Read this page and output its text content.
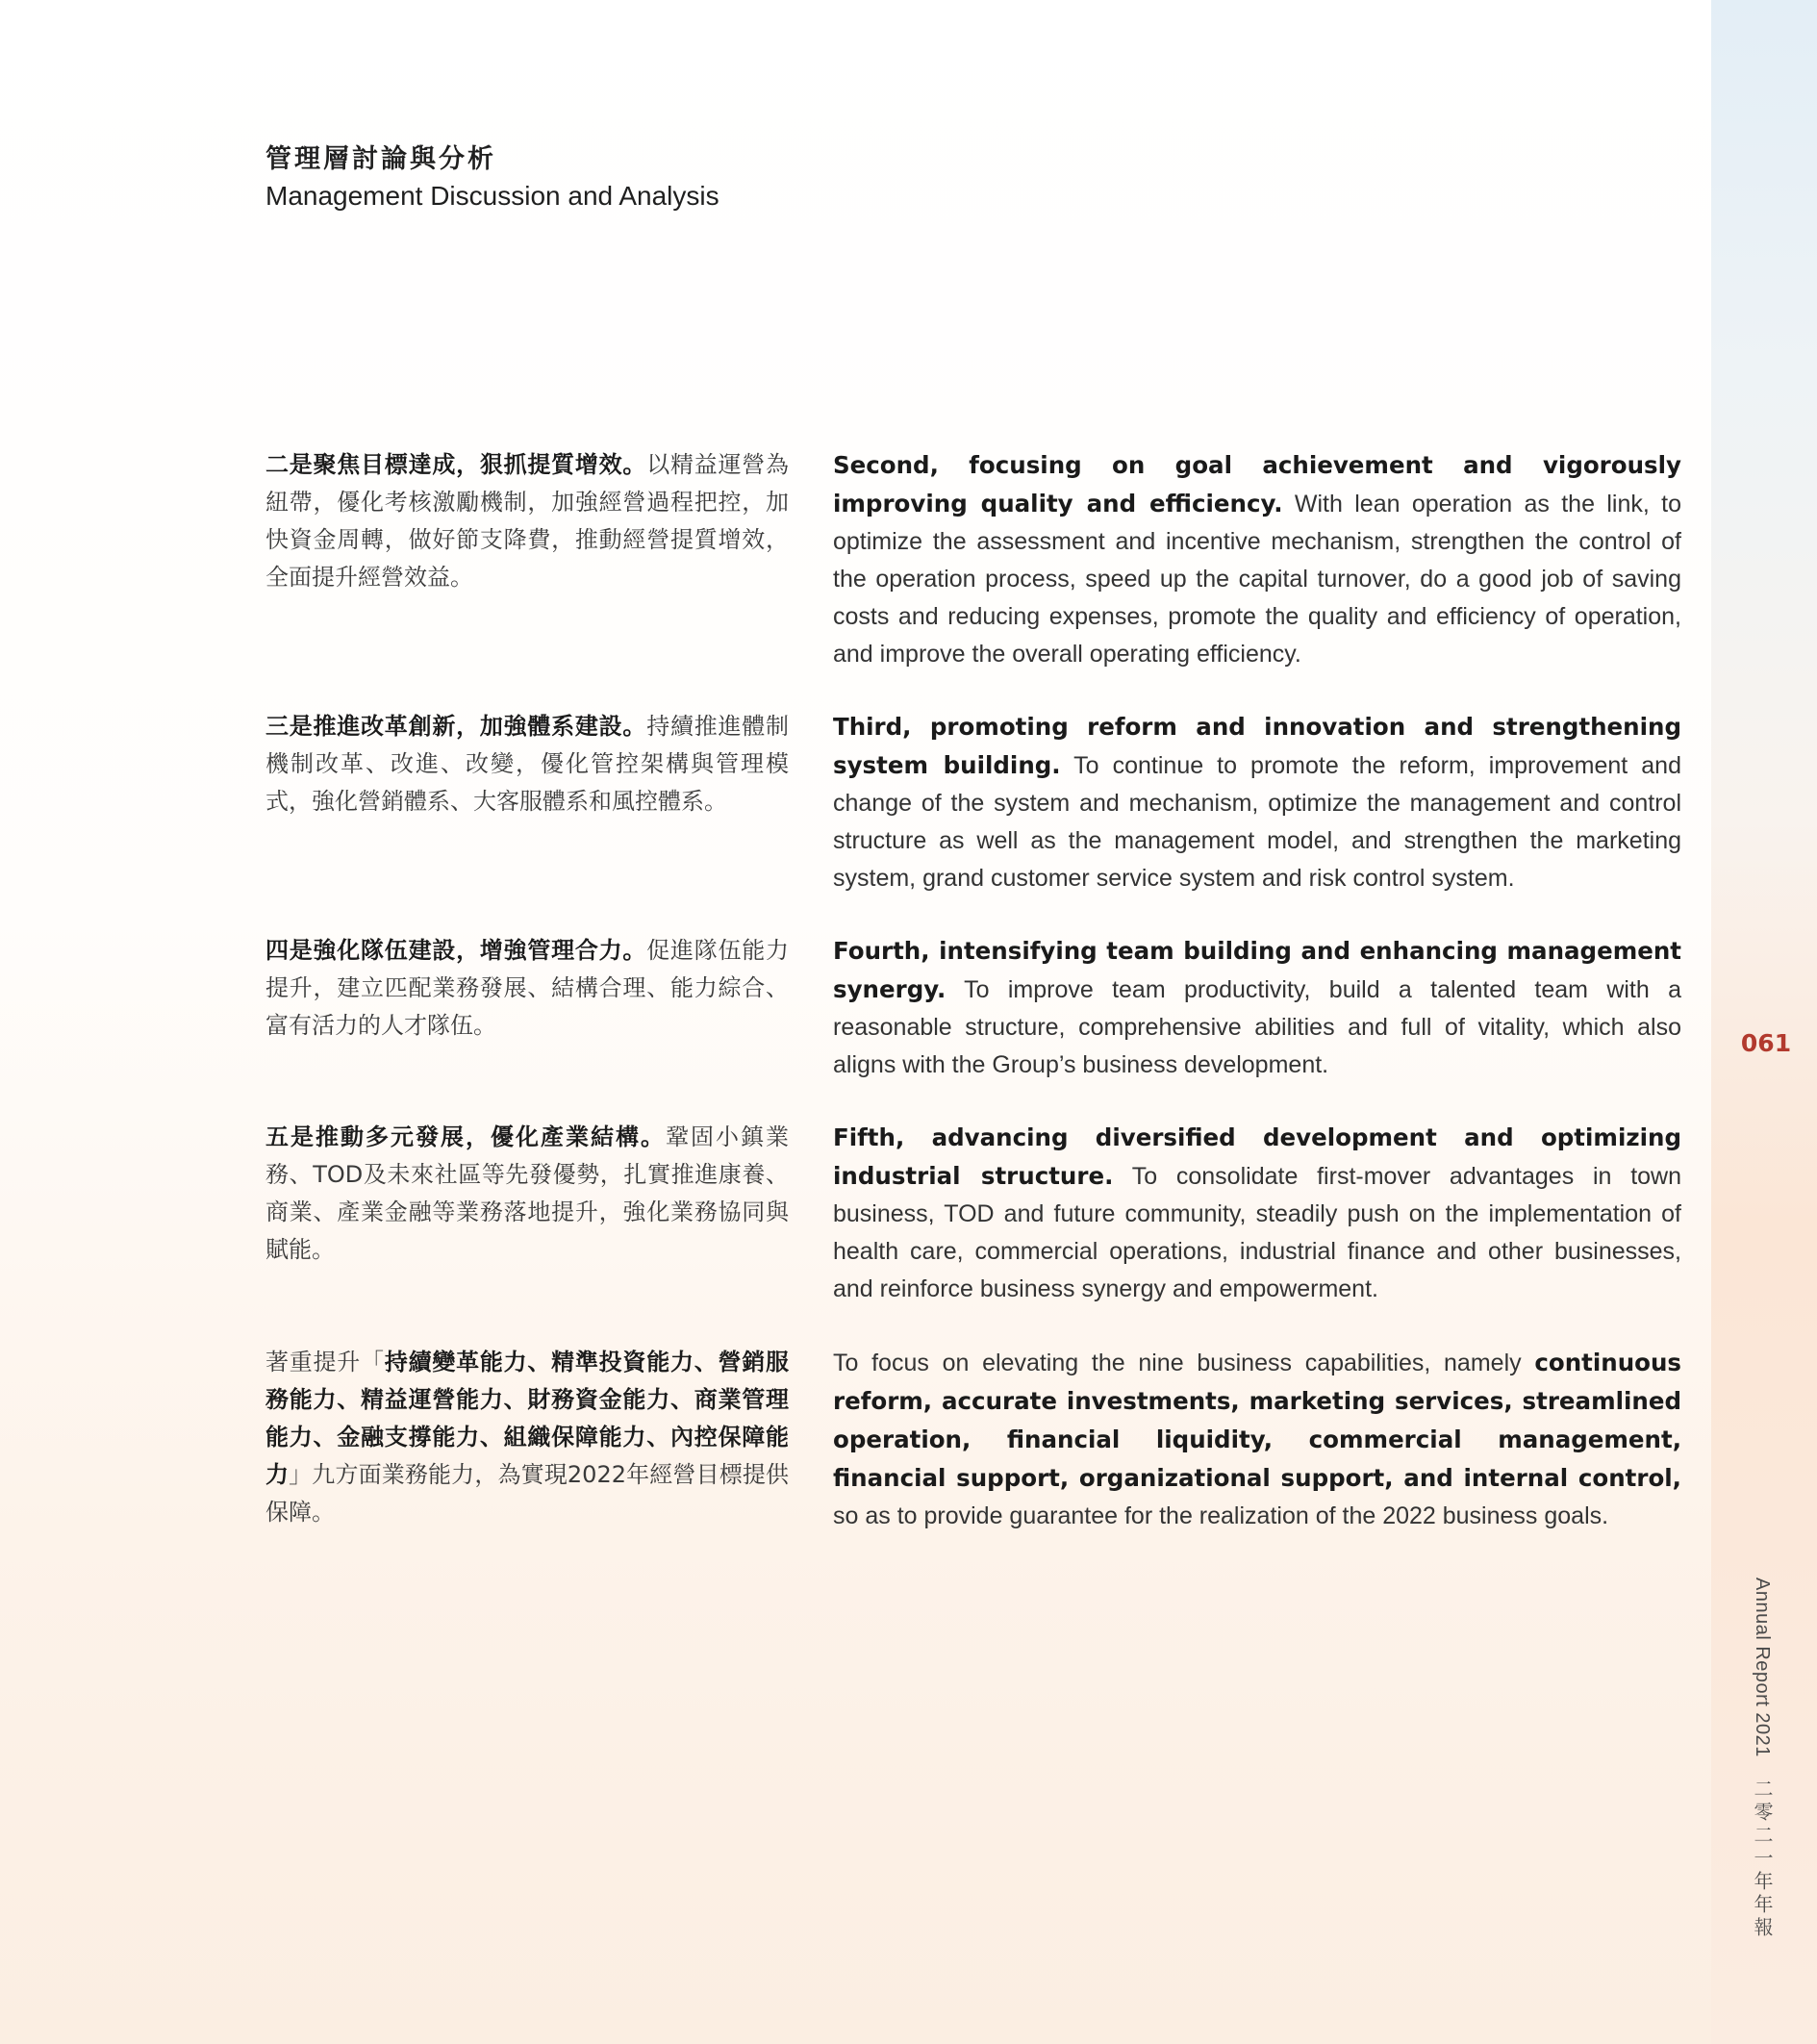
管理層討論與分析
Management Discussion and Analysis
二是聚焦目標達成，狠抓提質增效。以精益運營為紐帶，優化考核激勵機制，加強經營過程把控，加快資金周轉，做好節支降費，推動經營提質增效，全面提升經營效益。
Second, focusing on goal achievement and vigorously improving quality and efficiency. With lean operation as the link, to optimize the assessment and incentive mechanism, strengthen the control of the operation process, speed up the capital turnover, do a good job of saving costs and reducing expenses, promote the quality and efficiency of operation, and improve the overall operating efficiency.
三是推進改革創新，加強體系建設。持續推進體制機制改革、改進、改變，優化管控架構與管理模式，強化營銷體系、大客服體系和風控體系。
Third, promoting reform and innovation and strengthening system building. To continue to promote the reform, improvement and change of the system and mechanism, optimize the management and control structure as well as the management model, and strengthen the marketing system, grand customer service system and risk control system.
四是強化隊伍建設，增強管理合力。促進隊伍能力提升，建立匹配業務發展、結構合理、能力綜合、富有活力的人才隊伍。
Fourth, intensifying team building and enhancing management synergy. To improve team productivity, build a talented team with a reasonable structure, comprehensive abilities and full of vitality, which also aligns with the Group’s business development.
五是推動多元發展，優化產業結構。鞏固小鎮業務、TOD及未來社區等先發優勢，扎實推進康養、商業、產業金融等業務落地提升，強化業務協同與賦能。
Fifth, advancing diversified development and optimizing industrial structure. To consolidate first-mover advantages in town business, TOD and future community, steadily push on the implementation of health care, commercial operations, industrial finance and other businesses, and reinforce business synergy and empowerment.
著重提升「持續變革能力、精準投資能力、營銷服務能力、精益運營能力、財務資金能力、商業管理能力、金融支撐能力、組織保障能力、內控保障能力」九方面業務能力，為實現2022年經營目標提供保障。
To focus on elevating the nine business capabilities, namely continuous reform, accurate investments, marketing services, streamlined operation, financial liquidity, commercial management, financial support, organizational support, and internal control, so as to provide guarantee for the realization of the 2022 business goals.
061
Annual Report 2021 二零二一年年報
